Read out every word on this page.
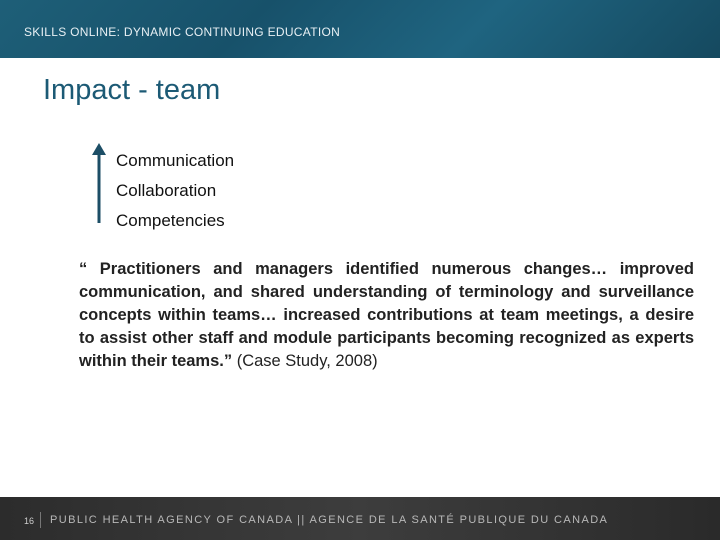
SKILLS ONLINE: DYNAMIC CONTINUING EDUCATION
Impact - team
Communication
Collaboration
Competencies
“ Practitioners and managers identified numerous changes… improved communication, and shared understanding of terminology and surveillance concepts within teams… increased contributions at team meetings, a desire to assist other staff and module participants becoming recognized as experts within their teams.” (Case Study, 2008)
16 PUBLIC HEALTH AGENCY OF CANADA || AGENCE DE LA SANTÉ PUBLIQUE DU CANADA
